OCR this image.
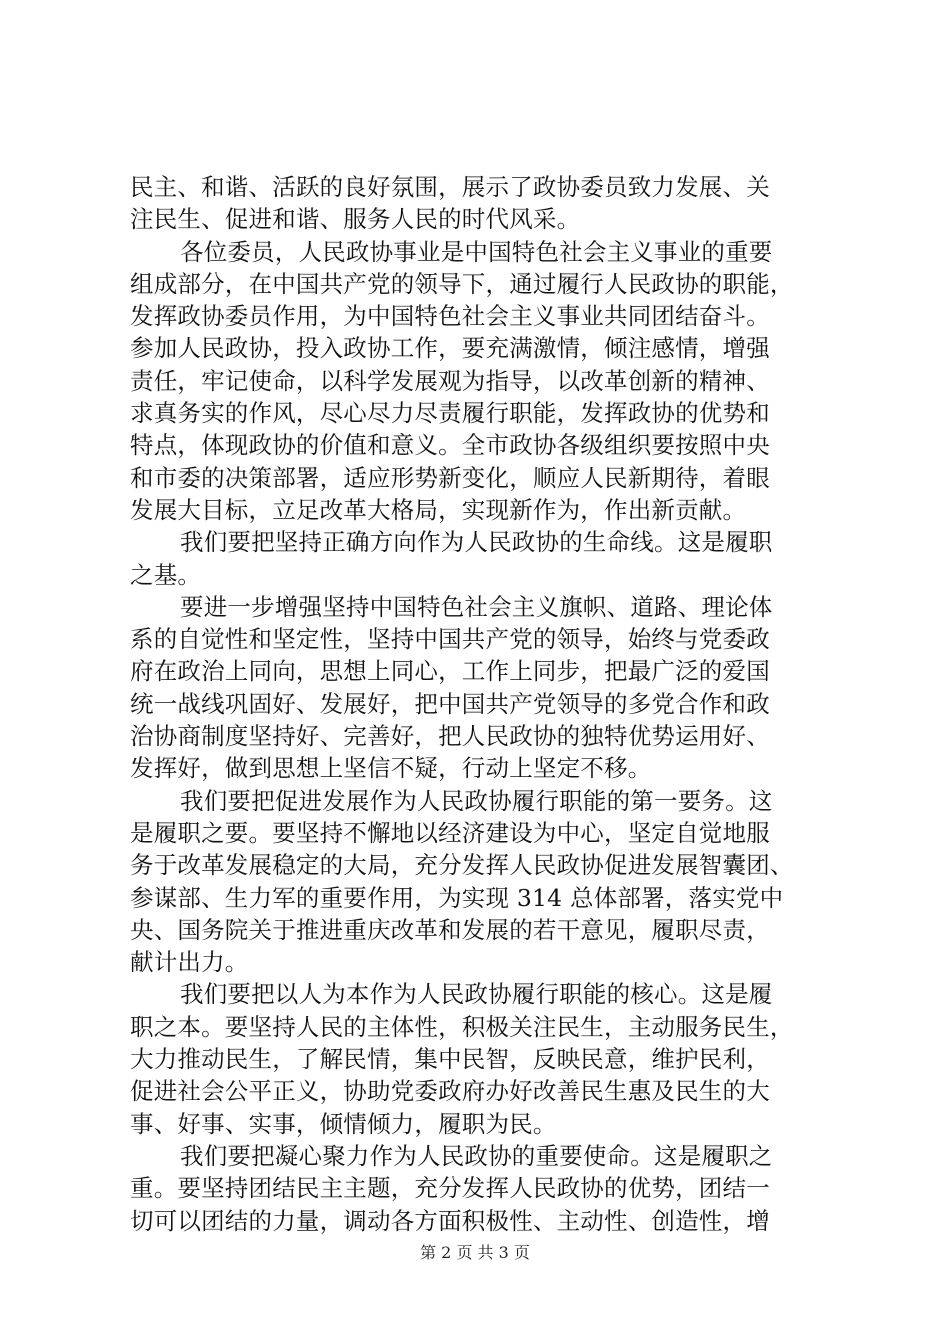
民主、和谐、活跃的良好氛围，展示了政协委员致力发展、关
注民生、促进和谐、服务人民的时代风采。
各位委员，人民政协事业是中国特色社会主义事业的重要
组成部分，在中国共产党的领导下，通过履行人民政协的职能，
发挥政协委员作用，为中国特色社会主义事业共同团结奋斗。
参加人民政协，投入政协工作，要充满激情，倾注感情，增强
责任，牢记使命，以科学发展观为指导，以改革创新的精神、
求真务实的作风，尽心尽力尽责履行职能，发挥政协的优势和
特点，体现政协的价值和意义。全市政协各级组织要按照中央
和市委的决策部署，适应形势新变化，顺应人民新期待，着眼
发展大目标，立足改革大格局，实现新作为，作出新贡献。
我们要把坚持正确方向作为人民政协的生命线。这是履职
之基。
要进一步增强坚持中国特色社会主义旗帜、道路、理论体
系的自觉性和坚定性，坚持中国共产党的领导，始终与党委政
府在政治上同向，思想上同心，工作上同步，把最广泛的爱国
统一战线巩固好、发展好，把中国共产党领导的多党合作和政
治协商制度坚持好、完善好，把人民政协的独特优势运用好、
发挥好，做到思想上坚信不疑，行动上坚定不移。
我们要把促进发展作为人民政协履行职能的第一要务。这
是履职之要。要坚持不懈地以经济建设为中心，坚定自觉地服
务于改革发展稳定的大局，充分发挥人民政协促进发展智囊团、
参谋部、生力军的重要作用，为实现 314 总体部署，落实党中
央、国务院关于推进重庆改革和发展的若干意见，履职尽责，
献计出力。
我们要把以人为本作为人民政协履行职能的核心。这是履
职之本。要坚持人民的主体性，积极关注民生，主动服务民生，
大力推动民生，了解民情，集中民智，反映民意，维护民利，
促进社会公平正义，协助党委政府办好改善民生惠及民生的大
事、好事、实事，倾情倾力，履职为民。
我们要把凝心聚力作为人民政协的重要使命。这是履职之
重。要坚持团结民主主题，充分发挥人民政协的优势，团结一
切可以团结的力量，调动各方面积极性、主动性、创造性，增
第 2 页 共 3 页
